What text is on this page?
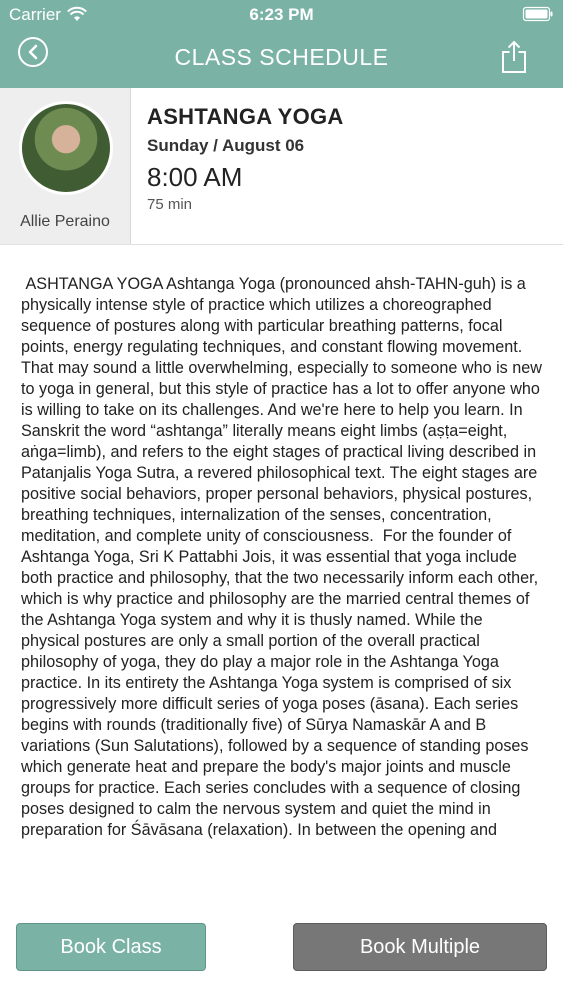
Carrier	6:23 PM
CLASS SCHEDULE
Allie Peraino
ASHTANGA YOGA
Sunday / August 06
8:00 AM
75 min
ASHTANGA YOGA Ashtanga Yoga (pronounced ahsh-TAHN-guh) is a physically intense style of practice which utilizes a choreographed sequence of postures along with particular breathing patterns, focal points, energy regulating techniques, and constant flowing movement. That may sound a little overwhelming, especially to someone who is new to yoga in general, but this style of practice has a lot to offer anyone who is willing to take on its challenges. And we're here to help you learn. In Sanskrit the word “ashtanga” literally means eight limbs (aṣṭa=eight, aṅga=limb), and refers to the eight stages of practical living described in Patanjalis Yoga Sutra, a revered philosophical text. The eight stages are positive social behaviors, proper personal behaviors, physical postures, breathing techniques, internalization of the senses, concentration, meditation, and complete unity of consciousness.  For the founder of Ashtanga Yoga, Sri K Pattabhi Jois, it was essential that yoga include both practice and philosophy, that the two necessarily inform each other, which is why practice and philosophy are the married central themes of the Ashtanga Yoga system and why it is thusly named. While the physical postures are only a small portion of the overall practical philosophy of yoga, they do play a major role in the Ashtanga Yoga practice. In its entirety the Ashtanga Yoga system is comprised of six progressively more difficult series of yoga poses (āsana). Each series begins with rounds (traditionally five) of Sūrya Namaskār A and B variations (Sun Salutations), followed by a sequence of standing poses which generate heat and prepare the body's major joints and muscle groups for practice. Each series concludes with a sequence of closing poses designed to calm the nervous system and quiet the mind in preparation for Śāvāsana (relaxation). In between the opening and
Book Class	Book Multiple
